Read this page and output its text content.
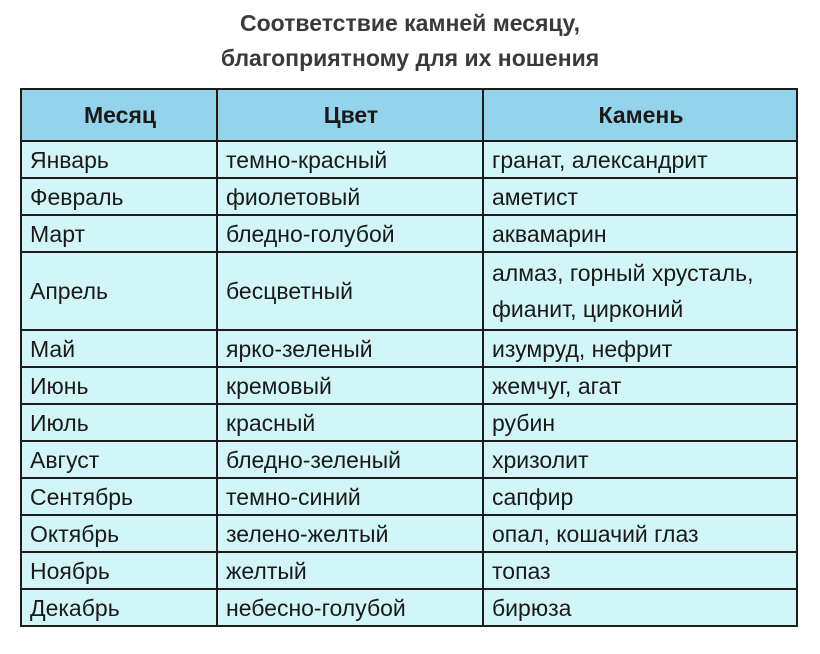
Соответствие камней месяцу,
благоприятному для их ношения
Месяц	Цвет	Камень
Январь	темно-красный	гранат, александрит
Февраль	фиолетовый	аметист
Март	бледно-голубой	аквамарин
Апрель	бесцветный	алмаз, горный хрусталь, фианит, цирконий
Май	ярко-зеленый	изумруд, нефрит
Июнь	кремовый	жемчуг, агат
Июль	красный	рубин
Август	бледно-зеленый	хризолит
Сентябрь	темно-синий	сапфир
Октябрь	зелено-желтый	опал, кошачий глаз
Ноябрь	желтый	топаз
Декабрь	небесно-голубой	бирюза
